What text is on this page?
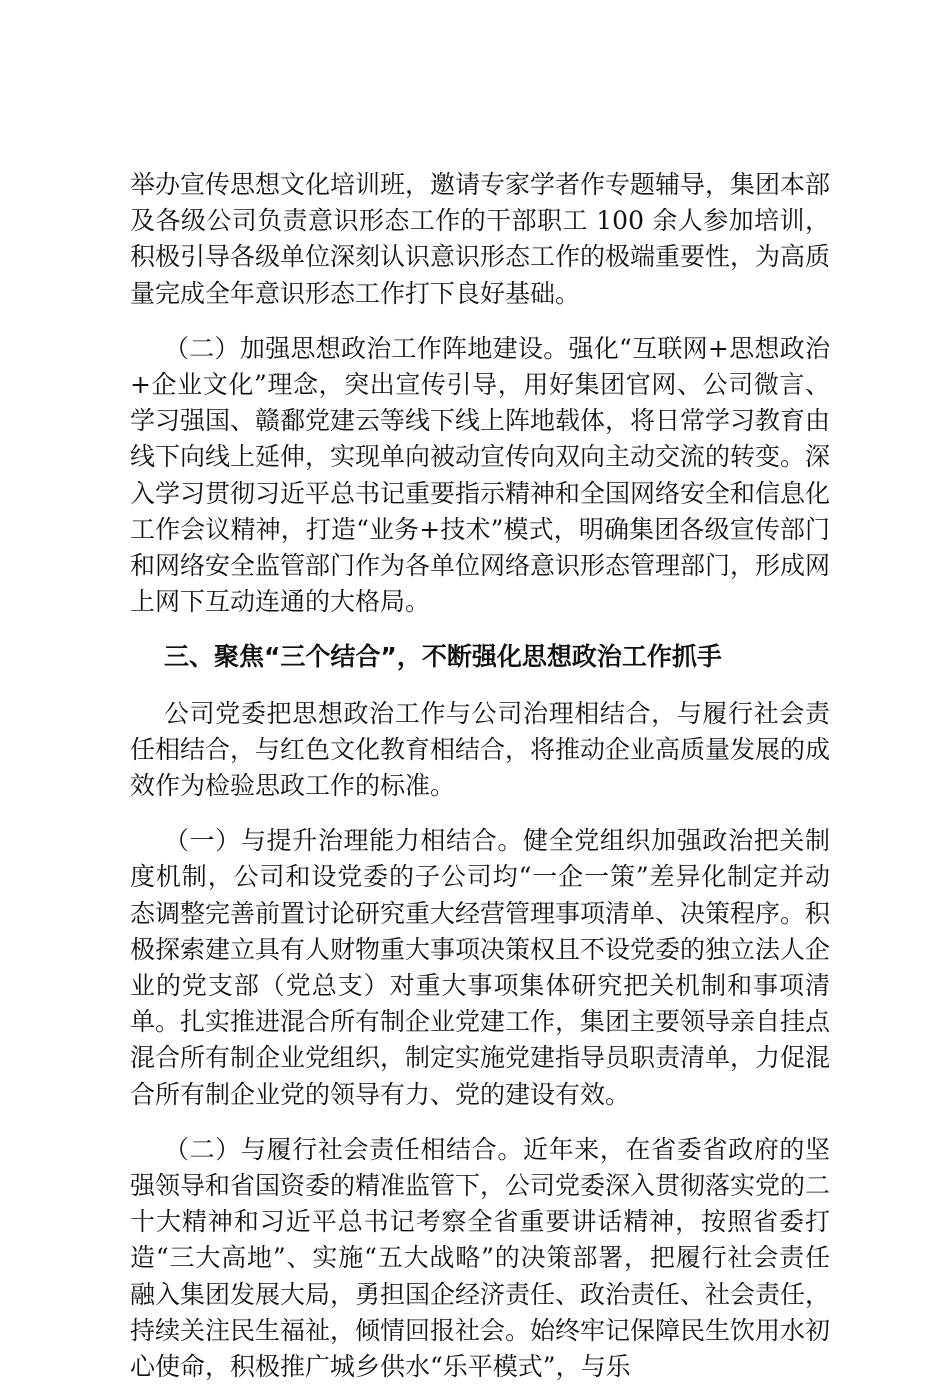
举办宣传思想文化培训班，邀请专家学者作专题辅导，集团本部及各级公司负责意识形态工作的干部职工 100 余人参加培训，积极引导各级单位深刻认识意识形态工作的极端重要性，为高质量完成全年意识形态工作打下良好基础。

（二）加强思想政治工作阵地建设。强化“互联网+思想政治+企业文化”理念，突出宣传引导，用好集团官网、公司微言、学习强国、赣鄱党建云等线下线上阵地载体，将日常学习教育由线下向线上延伸，实现单向被动宣传向双向主动交流的转变。深入学习贯彻习近平总书记重要指示精神和全国网络安全和信息化工作会议精神，打造“业务+技术”模式，明确集团各级宣传部门和网络安全监管部门作为各单位网络意识形态管理部门，形成网上网下互动连通的大格局。

三、聚焦“三个结合”，不断强化思想政治工作抓手

公司党委把思想政治工作与公司治理相结合，与履行社会责任相结合，与红色文化教育相结合，将推动企业高质量发展的成效作为检验思政工作的标准。

（一）与提升治理能力相结合。健全党组织加强政治把关制度机制，公司和设党委的子公司均“一企一策”差异化制定并动态调整完善前置讨论研究重大经营管理事项清单、决策程序。积极探索建立具有人财物重大事项决策权且不设党委的独立法人企业的党支部（党总支）对重大事项集体研究把关机制和事项清单。扎实推进混合所有制企业党建工作，集团主要领导亲自挂点混合所有制企业党组织，制定实施党建指导员职责清单，力促混合所有制企业党的领导有力、党的建设有效。

（二）与履行社会责任相结合。近年来，在省委省政府的坚强领导和省国资委的精准监管下，公司党委深入贯彻落实党的二十大精神和习近平总书记考察全省重要讲话精神，按照省委打造“三大高地”、实施“五大战略”的决策部署，把履行社会责任融入集团发展大局，勇担国企经济责任、政治责任、社会责任，持续关注民生福祉，倾情回报社会。始终牢记保障民生饮用水初心使命，积极推广城乡供水“乐平模式”，与乐
